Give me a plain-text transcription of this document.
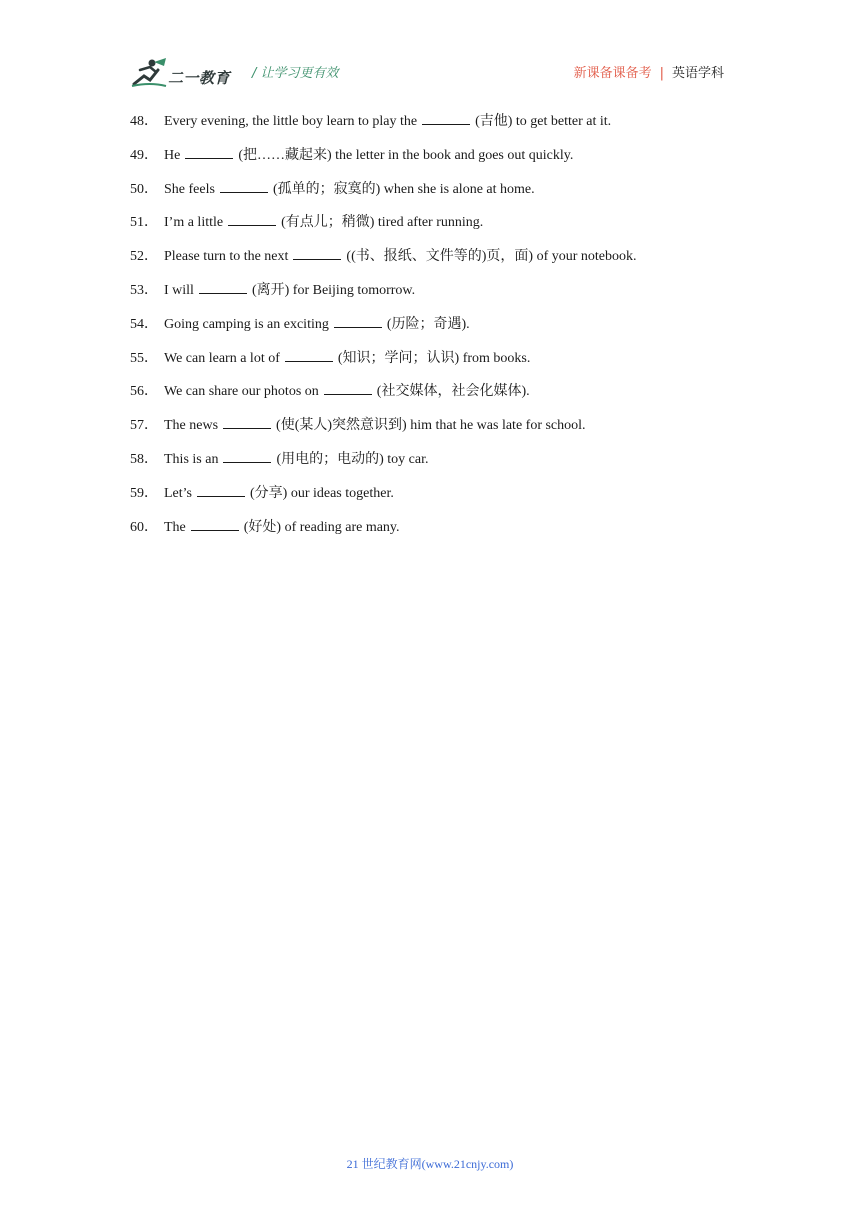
二一教育 / 让学习更有效	新课备课备考 | 英语学科
48． Every evening, the little boy learn to play the	(吉他) to get better at it.
49． He	(把……藏起来) the letter in the book and goes out quickly.
50． She feels	(孤单的；寂寞的) when she is alone at home.
51． I’m a little	(有点儿；稍微) tired after running.
52． Please turn to the next	((书、报纸、文件等的)页，面) of your notebook.
53． I will	(离开) for Beijing tomorrow.
54． Going camping is an exciting	(历险；奇遇).
55． We can learn a lot of	(知识；学问；认识) from books.
56． We can share our photos on	(社交媒体，社会化媒体).
57． The news	(使(某人)突然意识到) him that he was late for school.
58． This is an	(用电的；电动的) toy car.
59． Let’s	(分享) our ideas together.
60． The	(好处) of reading are many.
21 世纪教育网(www.21cnjy.com)
